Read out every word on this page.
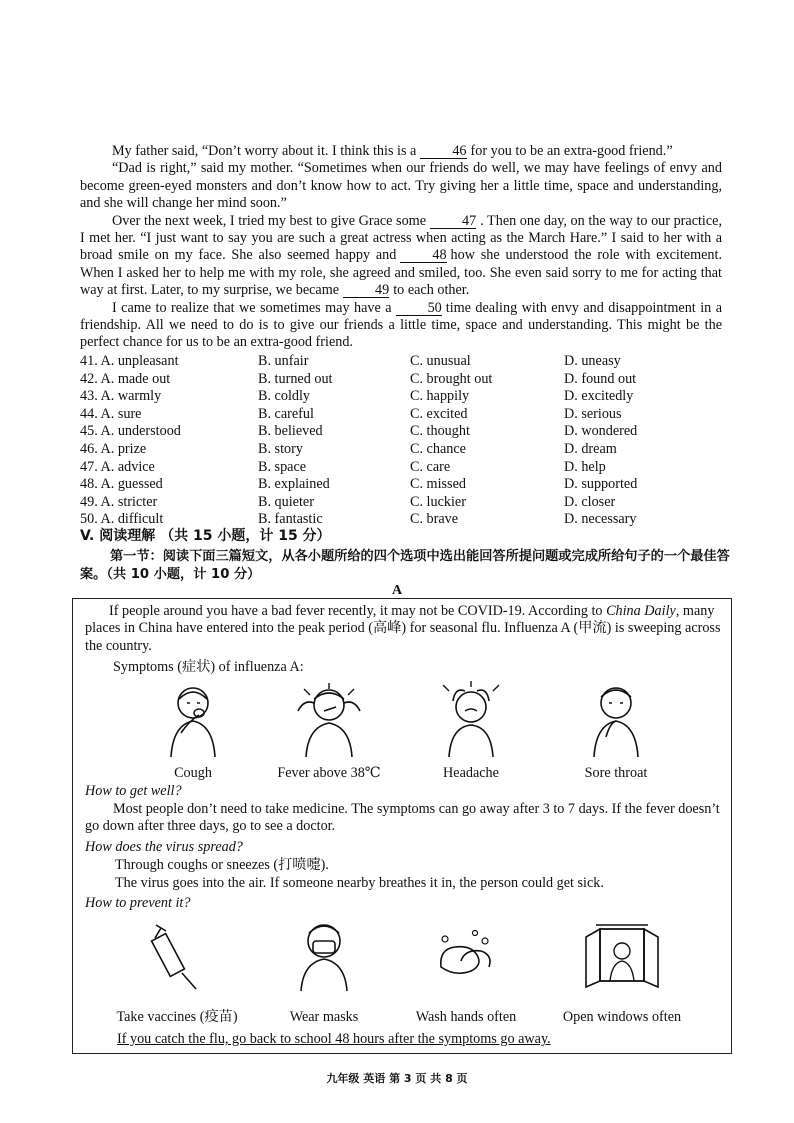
My father said, “Don’t worry about it. I think this is a	46 for you to be an extra-good friend.”

“Dad is right,” said my mother. “Sometimes when our friends do well, we may have feelings of envy and become green-eyed monsters and don’t know how to act. Try giving her a little time, space and understanding, and she will change her mind soon.”

Over the next week, I tried my best to give Grace some	47 . Then one day, on the way to our practice, I met her. “I just want to say you are such a great actress when acting as the March Hare.” I said to her with a broad smile on my face. She also seemed happy and	48 how she understood the role with excitement. When I asked her to help me with my role, she agreed and smiled, too. She even said sorry to me for acting that way at first. Later, to my surprise, we became	49 to each other.

I came to realize that we sometimes may have a	50 time dealing with envy and disappointment in a friendship. All we need to do is to give our friends a little time, space and understanding. This might be the perfect chance for us to be an extra-good friend.

41. A. unpleasant	B. unfair	C. unusual	D. uneasy
42. A. made out	B. turned out	C. brought out	D. found out
43. A. warmly	B. coldly	C. happily	D. excitedly
44. A. sure	B. careful	C. excited	D. serious
45. A. understood	B. believed	C. thought	D. wondered
46. A. prize	B. story	C. chance	D. dream
47. A. advice	B. space	C. care	D. help
48. A. guessed	B. explained	C. missed	D. supported
49. A. stricter	B. quieter	C. luckier	D. closer
50. A. difficult	B. fantastic	C. brave	D. necessary
V. 阅读理解 （共 15 小题，计 15 分）
第一节：阅读下面三篇短文，从各小题所给的四个选项中选出能回答所提问题或完成所给句子的一个最佳答案。（共 10 小题，计 10 分）
A
If people around you have a bad fever recently, it may not be COVID-19. According to China Daily, many places in China have entered into the peak period (高峰) for seasonal flu. Influenza A (甲流) is sweeping across the country.
Symptoms (症状) of influenza A:
Cough	Fever above 38℃	Headache	Sore throat
How to get well?
Most people don’t need to take medicine. The symptoms can go away after 3 to 7 days. If the fever doesn’t go down after three days, go to see a doctor.
How does the virus spread?
Through coughs or sneezes (打喷嚏).
The virus goes into the air. If someone nearby breathes it in, the person could get sick.
How to prevent it?
Take vaccines (疫苗)	Wear masks	Wash hands often	Open windows often
If you catch the flu, go back to school 48 hours after the symptoms go away.
九年级 英语 第 3 页 共 8 页
